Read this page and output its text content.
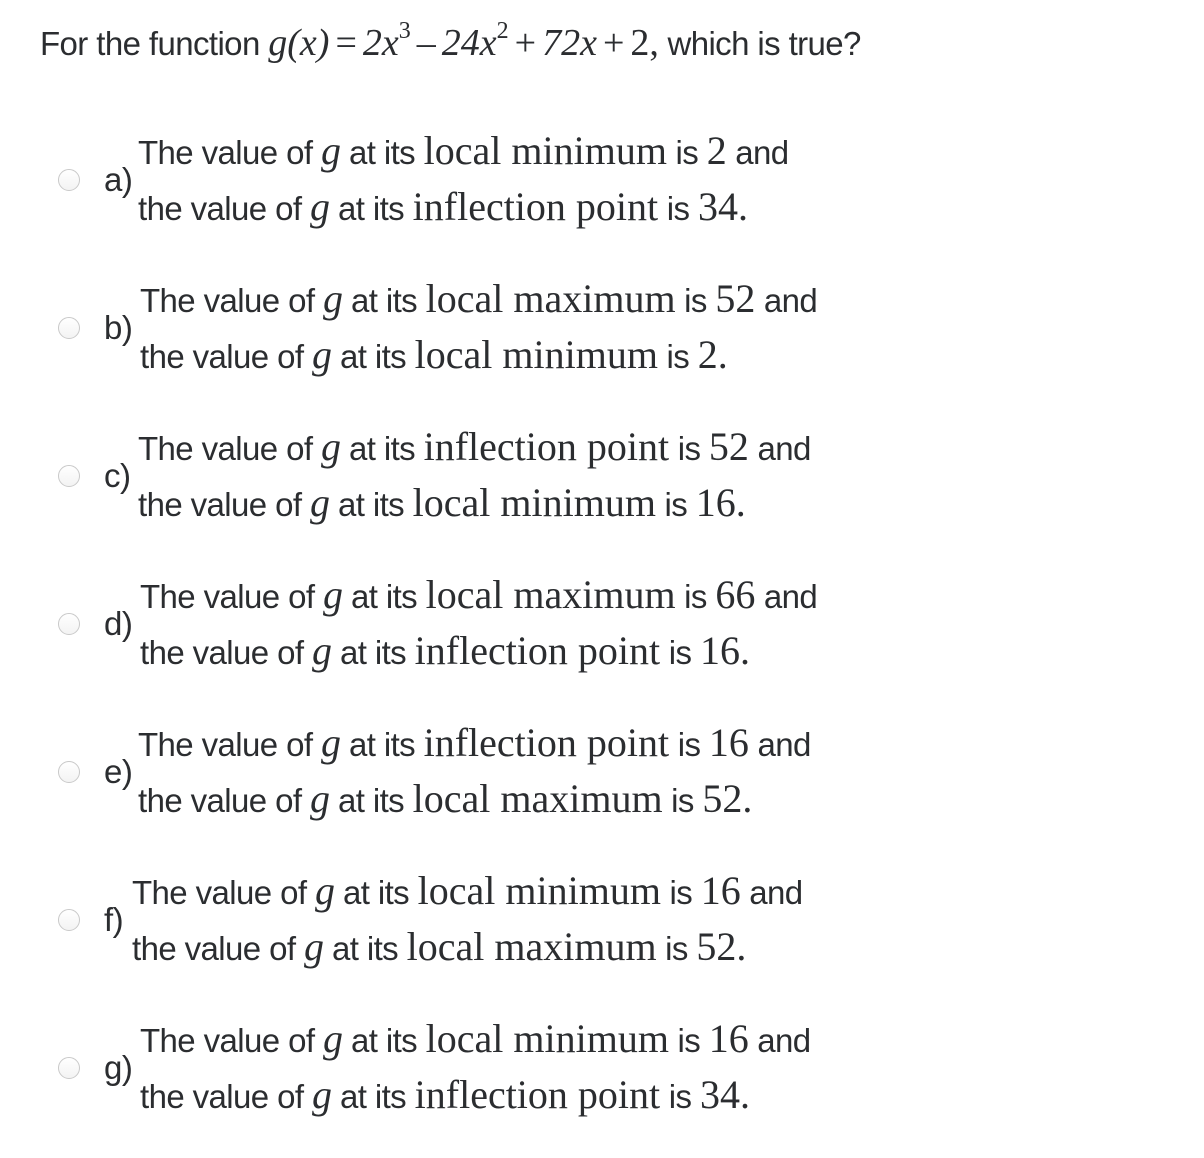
For the function $g(x) = 2x^3 - 24x^2 + 72x + 2$, which is true?
a)
The value of g at its local minimum is 2 and
the value of g at its inflection point is 34.
b)
The value of g at its local maximum is 52 and
the value of g at its local minimum is 2.
c)
The value of g at its inflection point is 52 and
the value of g at its local minimum is 16.
d)
The value of g at its local maximum is 66 and
the value of g at its inflection point is 16.
e)
The value of g at its inflection point is 16 and
the value of g at its local maximum is 52.
f)
The value of g at its local minimum is 16 and
the value of g at its local maximum is 52.
g)
The value of g at its local minimum is 16 and
the value of g at its inflection point is 34.
